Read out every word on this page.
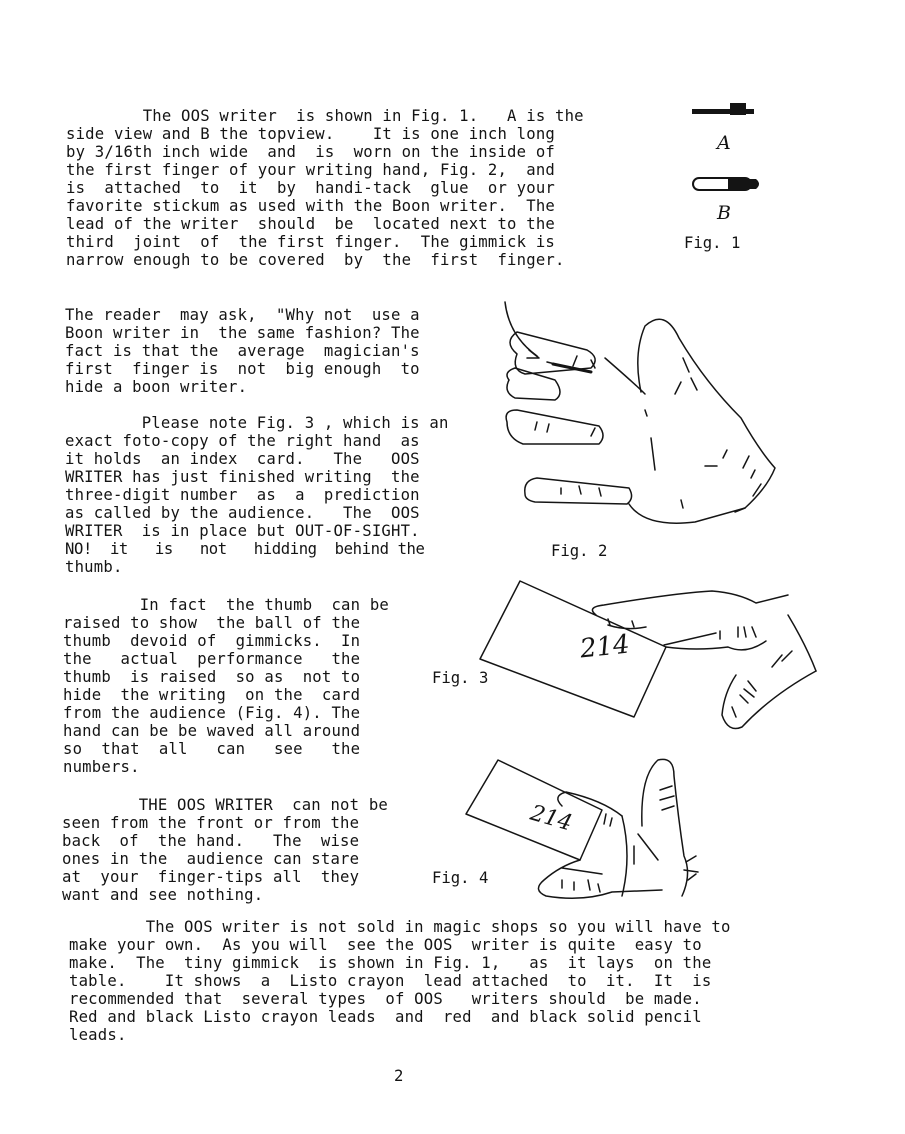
The OOS writer  is shown in Fig. 1.   A is the
side view and B the topview.    It is one inch long
by 3/16th inch wide  and  is  worn on the inside of
the first finger of your writing hand, Fig. 2,  and
is  attached  to  it  by  handi-tack  glue  or your
favorite stickum as used with the Boon writer.  The
lead of the writer  should  be  located next to the
third  joint  of  the first finger.  The gimmick is
narrow enough to be covered  by  the  first  finger.
A
B
Fig. 1
The reader  may ask,  "Why not  use a
Boon writer in  the same fashion? The
fact is that the  average  magician's
first  finger is  not  big enough  to
hide a boon writer.
Please note Fig. 3 , which is an
exact foto-copy of the right hand  as
it holds  an index  card.   The   OOS
WRITER has just finished writing  the
three-digit number  as  a  prediction
as called by the audience.   The  OOS
WRITER  is in place but OUT-OF-SIGHT.
NO!  it   is   not   hidding  behind the
thumb.
Fig. 2
In fact  the thumb  can be
raised to show  the ball of the
thumb  devoid of  gimmicks.  In
the   actual  performance   the
thumb  is raised  so as  not to
hide  the writing  on the  card
from the audience (Fig. 4). The
hand can be be waved all around
so  that  all   can   see   the
numbers.
Fig. 3
214
THE OOS WRITER  can not be
seen from the front or from the
back  of  the hand.   The  wise
ones in the  audience can stare
at  your  finger-tips all  they
want and see nothing.
Fig. 4
214
The OOS writer is not sold in magic shops so you will have to
make your own.  As you will  see the OOS  writer is quite  easy to
make.  The  tiny gimmick  is shown in Fig. 1,   as  it lays  on the
table.    It shows  a  Listo crayon  lead attached  to  it.  It  is
recommended that  several types  of OOS   writers should  be made.
Red and black Listo crayon leads  and  red  and black solid pencil
leads.
2
